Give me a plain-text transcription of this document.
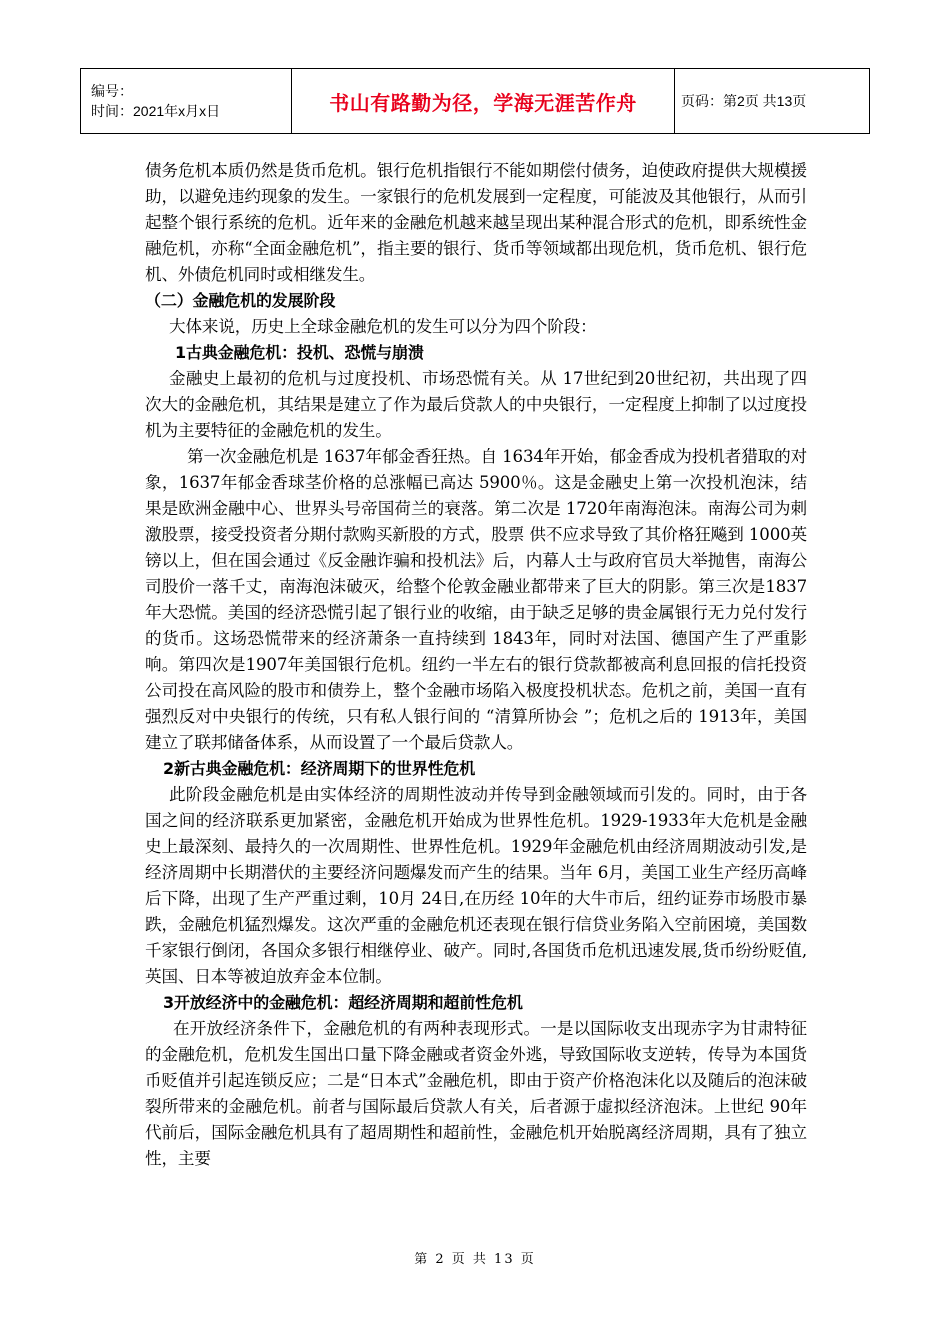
编号：
时间：2021年x月x日	书山有路勤为径，学海无涯苦作舟	页码：第2页 共13页

债务危机本质仍然是货币危机。银行危机指银行不能如期偿付债务，迫使政府提供大规模援助，以避免违约现象的发生。一家银行的危机发展到一定程度，可能波及其他银行，从而引起整个银行系统的危机。近年来的金融危机越来越呈现出某种混合形式的危机，即系统性金融危机，亦称“全面金融危机”，指主要的银行、货币等领域都出现危机，货币危机、银行危机、外债危机同时或相继发生。

（二）金融危机的发展阶段

大体来说，历史上全球金融危机的发生可以分为四个阶段：

1古典金融危机：投机、恐慌与崩溃

金融史上最初的危机与过度投机、市场恐慌有关。从 17世纪到20世纪初，共出现了四次大的金融危机，其结果是建立了作为最后贷款人的中央银行，一定程度上抑制了以过度投机为主要特征的金融危机的发生。

第一次金融危机是 1637年郁金香狂热。自 1634年开始，郁金香成为投机者猎取的对象，1637年郁金香球茎价格的总涨幅已高达 5900％。这是金融史上第一次投机泡沫，结果是欧洲金融中心、世界头号帝国荷兰的衰落。第二次是 1720年南海泡沫。南海公司为刺激股票，接受投资者分期付款购买新股的方式，股票 供不应求导致了其价格狂飚到 1000英镑以上，但在国会通过《反金融诈骗和投机法》后，内幕人士与政府官员大举抛售，南海公司股价一落千丈，南海泡沫破灭，给整个伦敦金融业都带来了巨大的阴影。第三次是1837年大恐慌。美国的经济恐慌引起了银行业的收缩，由于缺乏足够的贵金属银行无力兑付发行的货币。这场恐慌带来的经济萧条一直持续到 1843年，同时对法国、德国产生了严重影响。第四次是1907年美国银行危机。纽约一半左右的银行贷款都被高利息回报的信托投资公司投在高风险的股市和债券上，整个金融市场陷入极度投机状态。危机之前，美国一直有强烈反对中央银行的传统，只有私人银行间的 “清算所协会 ”；危机之后的 1913年，美国建立了联邦储备体系，从而设置了一个最后贷款人。

2新古典金融危机：经济周期下的世界性危机

此阶段金融危机是由实体经济的周期性波动并传导到金融领域而引发的。同时，由于各国之间的经济联系更加紧密，金融危机开始成为世界性危机。1929-1933年大危机是金融史上最深刻、最持久的一次周期性、世界性危机。1929年金融危机由经济周期波动引发,是经济周期中长期潜伏的主要经济问题爆发而产生的结果。当年 6月，美国工业生产经历高峰后下降，出现了生产严重过剩，10月 24日,在历经 10年的大牛市后，纽约证券市场股市暴跌，金融危机猛烈爆发。这次严重的金融危机还表现在银行信贷业务陷入空前困境，美国数千家银行倒闭，各国众多银行相继停业、破产。同时,各国货币危机迅速发展,货币纷纷贬值,英国、日本等被迫放弃金本位制。

3开放经济中的金融危机：超经济周期和超前性危机

在开放经济条件下，金融危机的有两种表现形式。一是以国际收支出现赤字为甘肃特征的金融危机，危机发生国出口量下降金融或者资金外逃，导致国际收支逆转，传导为本国货币贬值并引起连锁反应；二是“日本式”金融危机，即由于资产价格泡沫化以及随后的泡沫破裂所带来的金融危机。前者与国际最后贷款人有关，后者源于虚拟经济泡沫。上世纪 90年代前后，国际金融危机具有了超周期性和超前性，金融危机开始脱离经济周期，具有了独立性，主要

第 2 页 共 13 页
